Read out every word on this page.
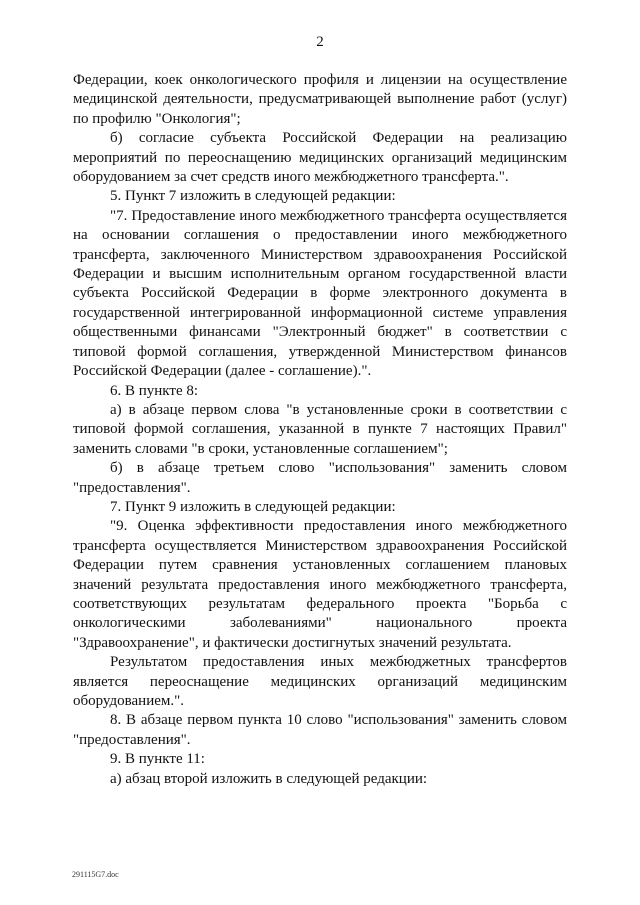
2

Федерации, коек онкологического профиля и лицензии на осуществление медицинской деятельности, предусматривающей выполнение работ (услуг) по профилю "Онкология";

б) согласие субъекта Российской Федерации на реализацию мероприятий по переоснащению медицинских организаций медицинским оборудованием за счет средств иного межбюджетного трансферта.".

5. Пункт 7 изложить в следующей редакции:

"7. Предоставление иного межбюджетного трансферта осуществляется на основании соглашения о предоставлении иного межбюджетного трансферта, заключенного Министерством здравоохранения Российской Федерации и высшим исполнительным органом государственной власти субъекта Российской Федерации в форме электронного документа в государственной интегрированной информационной системе управления общественными финансами "Электронный бюджет" в соответствии с типовой формой соглашения, утвержденной Министерством финансов Российской Федерации (далее - соглашение).".

6. В пункте 8:

а) в абзаце первом слова "в установленные сроки в соответствии с типовой формой соглашения, указанной в пункте 7 настоящих Правил" заменить словами "в сроки, установленные соглашением";

б) в абзаце третьем слово "использования" заменить словом "предоставления".

7. Пункт 9 изложить в следующей редакции:

"9. Оценка эффективности предоставления иного межбюджетного трансферта осуществляется Министерством здравоохранения Российской Федерации путем сравнения установленных соглашением плановых значений результата предоставления иного межбюджетного трансферта, соответствующих результатам федерального проекта "Борьба с онкологическими заболеваниями" национального проекта "Здравоохранение", и фактически достигнутых значений результата.

Результатом предоставления иных межбюджетных трансфертов является переоснащение медицинских организаций медицинским оборудованием.".

8. В абзаце первом пункта 10 слово "использования" заменить словом "предоставления".

9. В пункте 11:

а) абзац второй изложить в следующей редакции:

291115G7.doc
